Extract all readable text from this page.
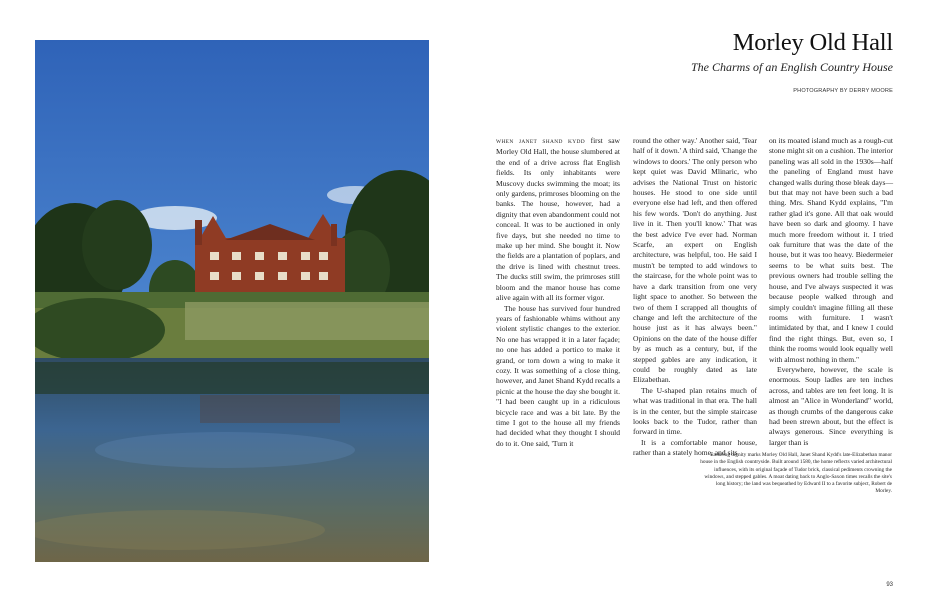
Morley Old Hall
The Charms of an English Country House
PHOTOGRAPHY BY DERRY MOORE

WHEN JANET SHAND KYDD first saw Morley Old Hall, the house slumbered at the end of a drive across flat English fields. Its only inhabitants were Muscovy ducks swimming the moat; its only gardens, primroses blooming on the banks. The house, however, had a dignity that even abandonment could not conceal. It was to be auctioned in only five days, but she needed no time to make up her mind. She bought it. Now the fields are a plantation of poplars, and the drive is lined with chestnut trees. The ducks still swim, the primroses still bloom and the manor house has come alive again with all its former vigor.

The house has survived four hundred years of fashionable whims without any violent stylistic changes to the exterior. No one has wrapped it in a later façade; no one has added a portico to make it grand, or torn down a wing to make it cozy. It was something of a close thing, however, and Janet Shand Kydd recalls a picnic at the house the day she bought it. "I had been caught up in a ridiculous bicycle race and was a bit late. By the time I got to the house all my friends had decided what they thought I should do to it. One said, 'Turn it

round the other way.' Another said, 'Tear half of it down.' A third said, 'Change the windows to doors.' The only person who kept quiet was David Mlinaric, who advises the National Trust on historic houses. He stood to one side until everyone else had left, and then offered his few words. 'Don't do anything. Just live in it. Then you'll know.' That was the best advice I've ever had. Norman Scarfe, an expert on English architecture, was helpful, too. He said I mustn't be tempted to add windows to the staircase, for the whole point was to have a dark transition from one very light space to another. So between the two of them I scrapped all thoughts of change and left the architecture of the house just as it has always been." Opinions on the date of the house differ by as much as a century, but, if the stepped gables are any indication, it could be roughly dated as late Elizabethan.

The U-shaped plan retains much of what was traditional in that era. The hall is in the center, but the simple staircase looks back to the Tudor, rather than forward in time.

It is a comfortable manor house, rather than a stately home, and sits

on its moated island much as a rough-cut stone might sit on a cushion. The interior paneling was all sold in the 1930s—half the paneling of England must have changed walls during those bleak days—but that may not have been such a bad thing. Mrs. Shand Kydd explains, "I'm rather glad it's gone. All that oak would have been so dark and gloomy. I have much more freedom without it. I tried oak furniture that was the date of the house, but it was too heavy. Biedermeier seems to be what suits best. The previous owners had trouble selling the house, and I've always suspected it was because people walked through and simply couldn't imagine filling all these rooms with furniture. I wasn't intimidated by that, and I knew I could find the right things. But, even so, I think the rooms would look equally well with almost nothing in them."

Everywhere, however, the scale is enormous. Soup ladles are ten inches across, and tables are ten feet long. It is almost an "Alice in Wonderland" world, as though crumbs of the dangerous cake had been strewn about, but the effect is always generous. Since everything is larger than is

Enduring dignity marks Morley Old Hall, Janet Shand Kydd's late-Elizabethan manor house in the English countryside. Built around 1580, the home reflects varied architectural influences, with its original façade of Tudor brick, classical pediments crowning the windows, and stepped gables. A moat dating back to Anglo-Saxon times recalls the site's long history; the land was bequeathed by Edward II to a favorite subject, Robert de Morley.

93
